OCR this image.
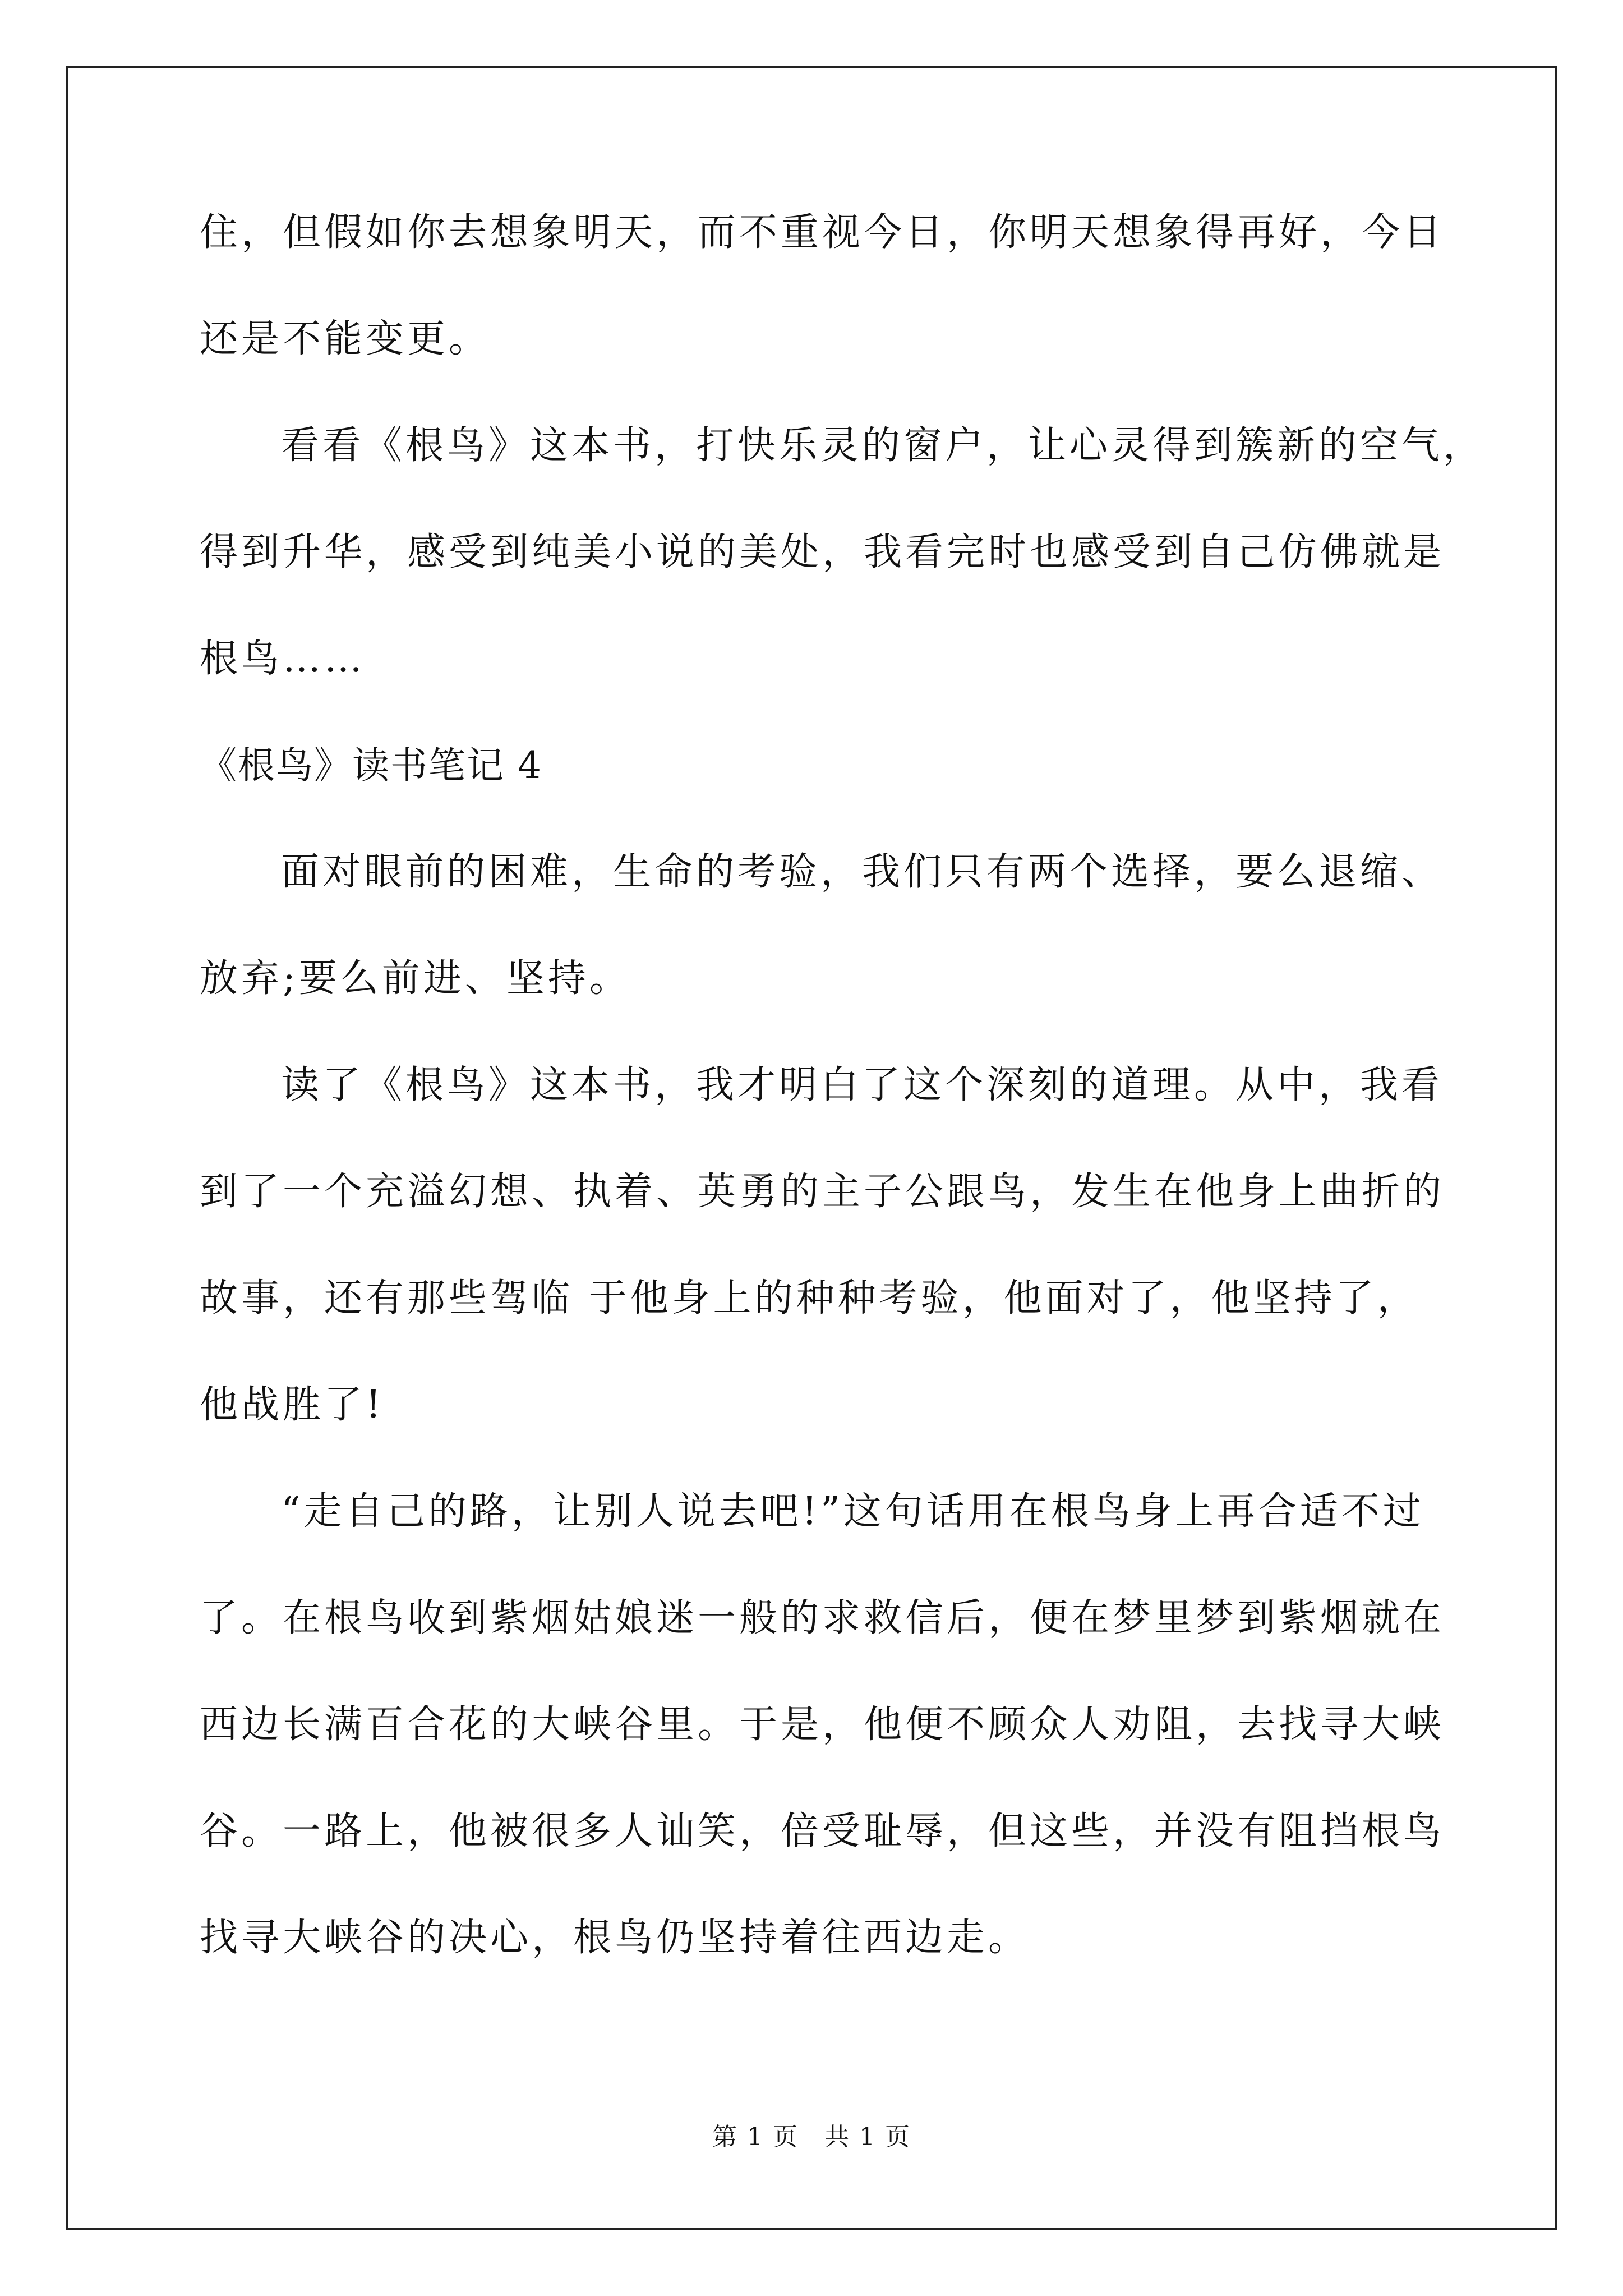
住，但假如你去想象明天，而不重视今日，你明天想象得再好，今日
还是不能变更。
看看《根鸟》这本书，打快乐灵的窗户，让心灵得到簇新的空气，
得到升华，感受到纯美小说的美处，我看完时也感受到自己仿佛就是
根鸟……
《根鸟》读书笔记 4
面对眼前的困难，生命的考验，我们只有两个选择，要么退缩、
放弃;要么前进、坚持。
读了《根鸟》这本书，我才明白了这个深刻的道理。从中，我看
到了一个充溢幻想、执着、英勇的主子公跟鸟，发生在他身上曲折的
故事，还有那些驾临 于他身上的种种考验，他面对了，他坚持了，
他战胜了!
“走自己的路，让别人说去吧!”这句话用在根鸟身上再合适不过
了。在根鸟收到紫烟姑娘迷一般的求救信后，便在梦里梦到紫烟就在
西边长满百合花的大峡谷里。于是，他便不顾众人劝阻，去找寻大峡
谷。一路上，他被很多人讪笑，倍受耻辱，但这些，并没有阻挡根鸟
找寻大峡谷的决心，根鸟仍坚持着往西边走。
第 1 页　共 1 页
